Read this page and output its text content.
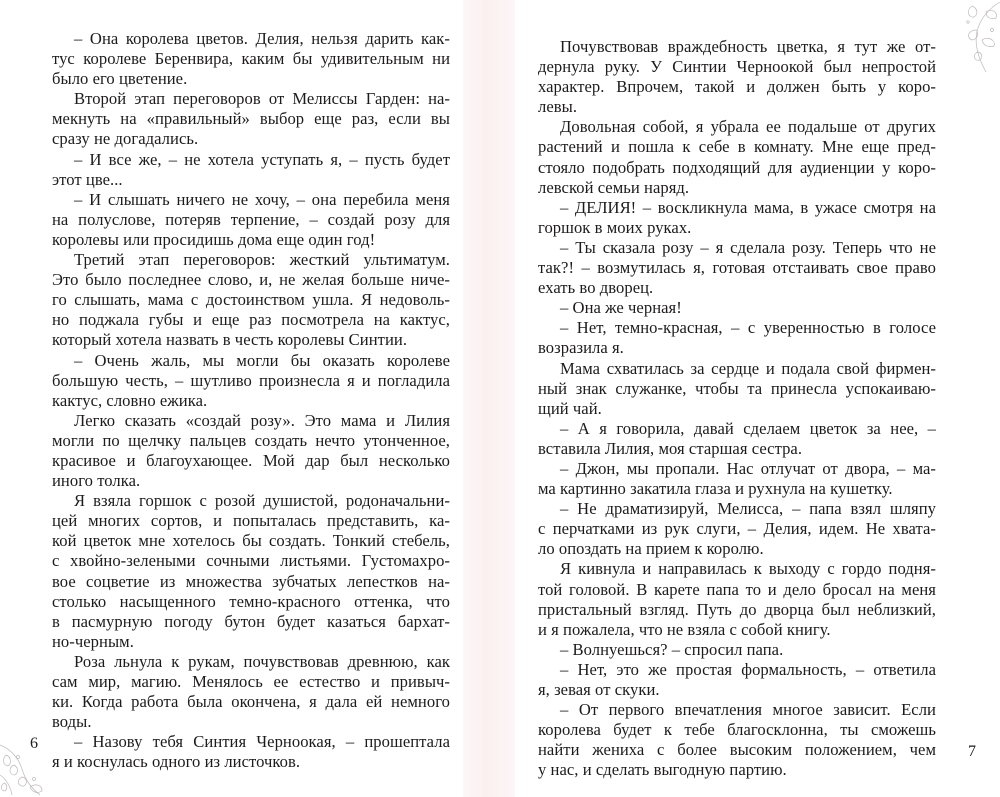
– Она королева цветов. Делия, нельзя дарить как-
тус королеве Беренвира, каким бы удивительным ни
было его цветение.
Второй этап переговоров от Мелиссы Гарден: на-
мекнуть на «правильный» выбор еще раз, если вы
сразу не догадались.
– И все же, – не хотела уступать я, – пусть будет
этот цве...
– И слышать ничего не хочу, – она перебила меня
на полуслове, потеряв терпение, – создай розу для
королевы или просидишь дома еще один год!
Третий этап переговоров: жесткий ультиматум.
Это было последнее слово, и, не желая больше ниче-
го слышать, мама с достоинством ушла. Я недоволь-
но поджала губы и еще раз посмотрела на кактус,
который хотела назвать в честь королевы Синтии.
– Очень жаль, мы могли бы оказать королеве
большую честь, – шутливо произнесла я и погладила
кактус, словно ежика.
Легко сказать «создай розу». Это мама и Лилия
могли по щелчку пальцев создать нечто утонченное,
красивое и благоухающее. Мой дар был несколько
иного толка.
Я взяла горшок с розой душистой, родоначальни-
цей многих сортов, и попыталась представить, ка-
кой цветок мне хотелось бы создать. Тонкий стебель,
с хвойно-зелеными сочными листьями. Густомахро-
вое соцветие из множества зубчатых лепестков на-
столько насыщенного темно-красного оттенка, что
в пасмурную погоду бутон будет казаться бархат-
но-черным.
Роза льнула к рукам, почувствовав древнюю, как
сам мир, магию. Менялось ее естество и привыч-
ки. Когда работа была окончена, я дала ей немного
воды.
– Назову тебя Синтия Черноокая, – прошептала
я и коснулась одного из листочков.
6
Почувствовав враждебность цветка, я тут же от-
дернула руку. У Синтии Черноокой был непростой
характер. Впрочем, такой и должен быть у коро-
левы.
Довольная собой, я убрала ее подальше от других
растений и пошла к себе в комнату. Мне еще пред-
стояло подобрать подходящий для аудиенции у коро-
левской семьи наряд.
– ДЕЛИЯ! – воскликнула мама, в ужасе смотря на
горшок в моих руках.
– Ты сказала розу – я сделала розу. Теперь что не
так?! – возмутилась я, готовая отстаивать свое право
ехать во дворец.
– Она же черная!
– Нет, темно-красная, – с уверенностью в голосе
возразила я.
Мама схватилась за сердце и подала свой фирмен-
ный знак служанке, чтобы та принесла успокаиваю-
щий чай.
– А я говорила, давай сделаем цветок за нее, –
вставила Лилия, моя старшая сестра.
– Джон, мы пропали. Нас отлучат от двора, – ма-
ма картинно закатила глаза и рухнула на кушетку.
– Не драматизируй, Мелисса, – папа взял шляпу
с перчатками из рук слуги, – Делия, идем. Не хвата-
ло опоздать на прием к королю.
Я кивнула и направилась к выходу с гордо подня-
той головой. В карете папа то и дело бросал на меня
пристальный взгляд. Путь до дворца был неблизкий,
и я пожалела, что не взяла с собой книгу.
– Волнуешься? – спросил папа.
– Нет, это же простая формальность, – ответила
я, зевая от скуки.
– От первого впечатления многое зависит. Если
королева будет к тебе благосклонна, ты сможешь
найти жениха с более высоким положением, чем
у нас, и сделать выгодную партию.
7
